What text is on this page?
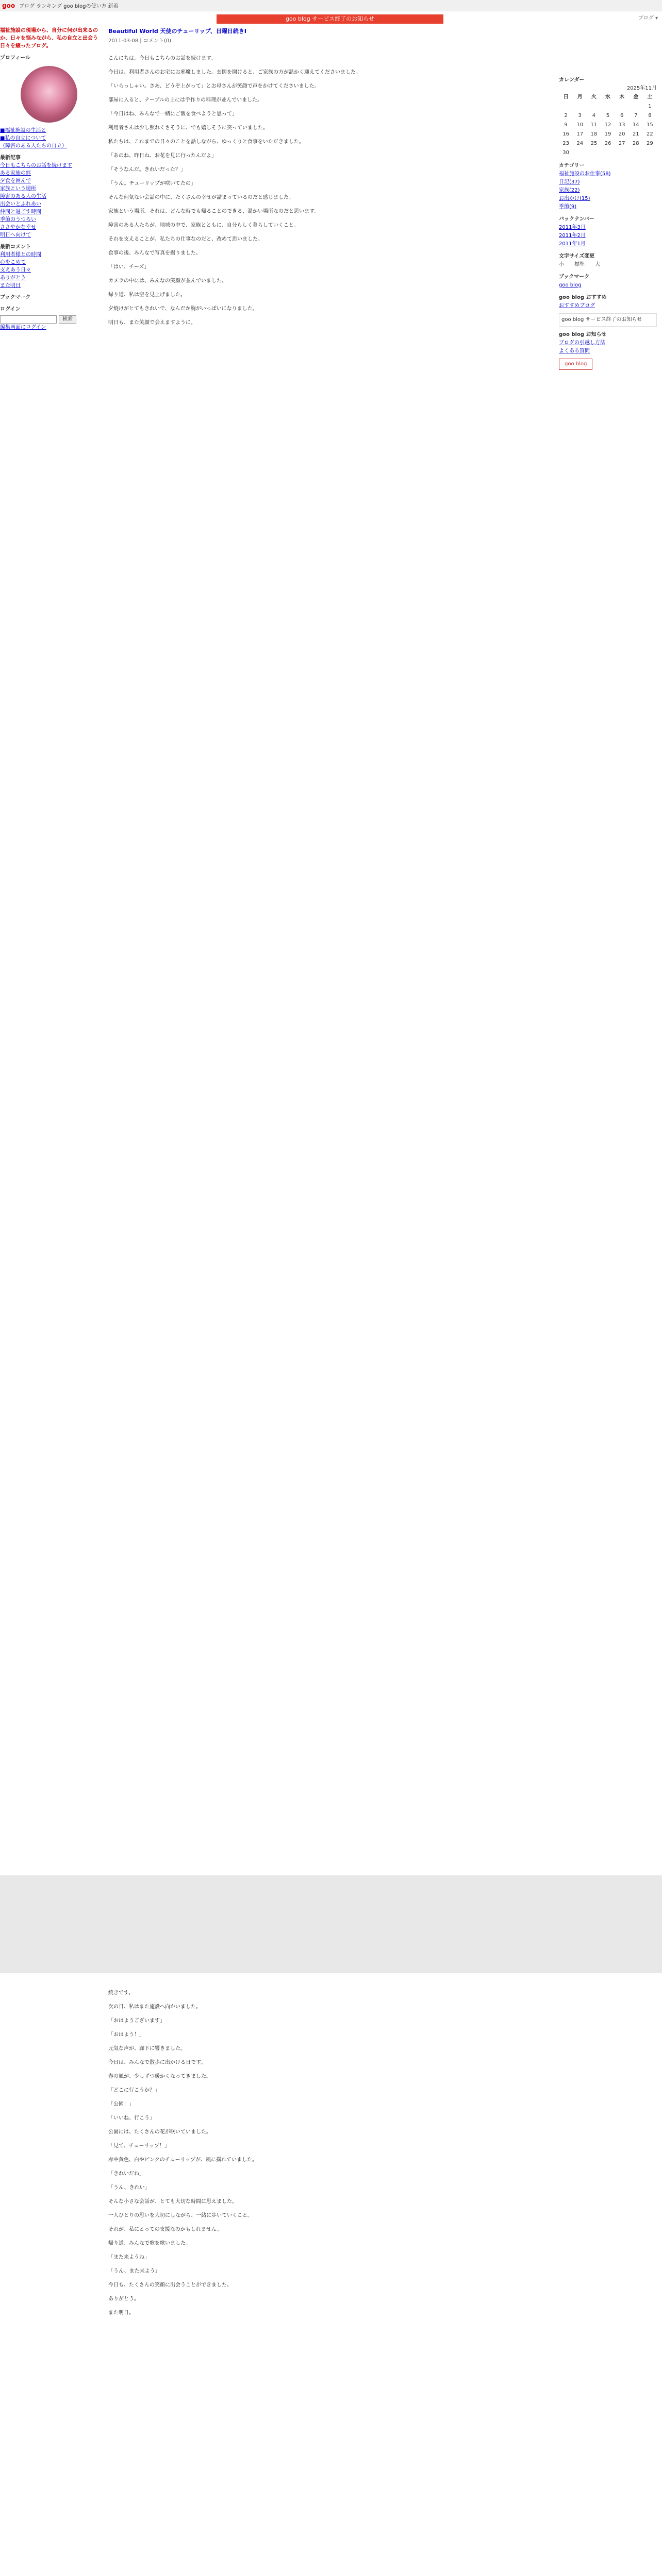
goo ブログ ランキング goo blogの使い方 新着
goo blog サービス終了のお知らせ	ブログ ▾
福祉施設の現場から、自分に何が出来るのか、日々を悩みながら、私の自立と出会う日々を綴ったブログ。
プロフィール
■福祉施設の生活と
■私の自立について
（障害のある人たちの自立）
最新記事
今日もこちらのお話を続けます
ある家族の絆
夕食を囲んで
家族という場所
障害のある人の生活
出会いとふれあい
仲間と過ごす時間
季節のうつろい
ささやかな幸せ
明日へ向けて
最新コメント
利用者様との時間
心をこめて
支えあう日々
ありがとう
また明日
ブックマーク
ログイン
検索
編集画面にログイン
Beautiful World 天使のチューリップ、日曜日続きⅠ
2011-03-08 | コメント(0)

こんにちは。今日もこちらのお話を続けます。

今日は、利用者さんのお宅にお邪魔しました。玄関を開けると、ご家族の方が温かく迎えてくださいました。

「いらっしゃい。さあ、どうぞ上がって」とお母さんが笑顔で声をかけてくださいました。

部屋に入ると、テーブルの上には手作りの料理が並んでいました。

「今日はね、みんなで一緒にご飯を食べようと思って」

利用者さんは少し照れくさそうに、でも嬉しそうに笑っていました。

私たちは、これまでの日々のことを話しながら、ゆっくりと食事をいただきました。

「あのね、昨日ね、お花を見に行ったんだよ」

「そうなんだ。きれいだった？」

「うん。チューリップが咲いてたの」

そんな何気ない会話の中に、たくさんの幸せが詰まっているのだと感じました。

家族という場所。それは、どんな時でも帰ることのできる、温かい場所なのだと思います。

障害のある人たちが、地域の中で、家族とともに、自分らしく暮らしていくこと。

それを支えることが、私たちの仕事なのだと、改めて思いました。

食事の後、みんなで写真を撮りました。

「はい、チーズ」

カメラの中には、みんなの笑顔が並んでいました。

帰り道、私は空を見上げました。

夕焼けがとてもきれいで、なんだか胸がいっぱいになりました。

明日も、また笑顔で会えますように。

続きです。

次の日、私はまた施設へ向かいました。

「おはようございます」

「おはよう！」

元気な声が、廊下に響きました。

今日は、みんなで散歩に出かける日です。

春の風が、少しずつ暖かくなってきました。

「どこに行こうか？」

「公園！」

「いいね、行こう」

公園には、たくさんの花が咲いていました。

「見て、チューリップ！」

赤や黄色、白やピンクのチューリップが、風に揺れていました。

「きれいだね」

「うん、きれい」

そんな小さな会話が、とても大切な時間に思えました。

一人ひとりの思いを大切にしながら、一緒に歩いていくこと。

それが、私にとっての支援なのかもしれません。

帰り道、みんなで歌を歌いました。

「また来ようね」

「うん、また来よう」

今日も、たくさんの笑顔に出会うことができました。

ありがとう。

また明日。

カレンダー
2025年11月
日	月	火	水	木	金	土
						1
2	3	4	5	6	7	8
9	10	11	12	13	14	15
16	17	18	19	20	21	22
23	24	25	26	27	28	29
30						
カテゴリー
福祉施設のお仕事(58)
日記(37)
家族(22)
お出かけ(15)
季節(9)
バックナンバー
2011年3月
2011年2月
2011年1月
文字サイズ変更
小 標準 大
ブックマーク
goo blog
goo blog おすすめ
おすすめブログ
goo blog サービス終了のお知らせ
goo blog お知らせ
ブログの引越し方法
よくある質問
goo blog
